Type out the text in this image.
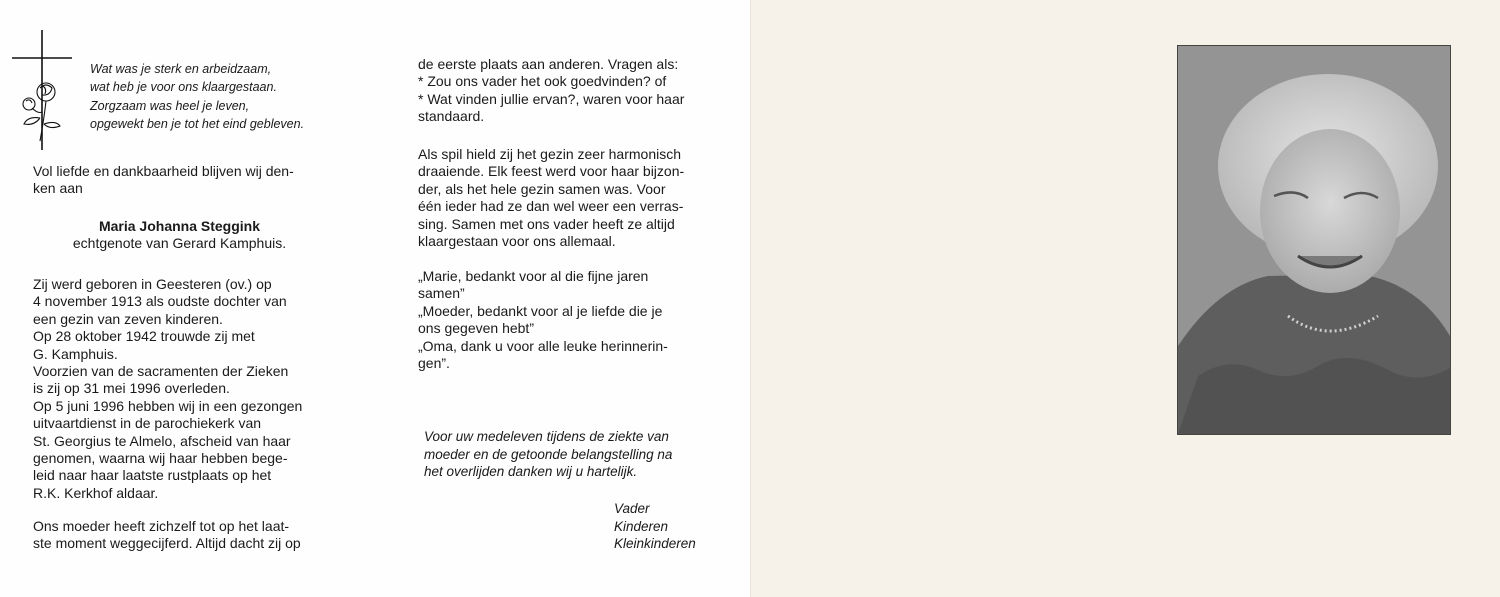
Wat was je sterk en arbeidzaam,
wat heb je voor ons klaargestaan.
Zorgzaam was heel je leven,
opgewekt ben je tot het eind gebleven.
Vol liefde en dankbaarheid blijven wij den-
ken aan
Maria Johanna Steggink
echtgenote van Gerard Kamphuis.
Zij werd geboren in Geesteren (ov.) op
4 november 1913 als oudste dochter van
een gezin van zeven kinderen.
Op 28 oktober 1942 trouwde zij met
G. Kamphuis.
Voorzien van de sacramenten der Zieken
is zij op 31 mei 1996 overleden.
Op 5 juni 1996 hebben wij in een gezongen
uitvaartdienst in de parochiekerk van
St. Georgius te Almelo, afscheid van haar
genomen, waarna wij haar hebben bege-
leid naar haar laatste rustplaats op het
R.K. Kerkhof aldaar.
Ons moeder heeft zichzelf tot op het laat-
ste moment weggecijferd. Altijd dacht zij op
de eerste plaats aan anderen. Vragen als:
* Zou ons vader het ook goedvinden? of
* Wat vinden jullie ervan?, waren voor haar
standaard.
Als spil hield zij het gezin zeer harmonisch
draaiende. Elk feest werd voor haar bijzon-
der, als het hele gezin samen was. Voor
één ieder had ze dan wel weer een verras-
sing. Samen met ons vader heeft ze altijd
klaargestaan voor ons allemaal.
„Marie, bedankt voor al die fijne jaren
samen”
„Moeder, bedankt voor al je liefde die je
ons gegeven hebt”
„Oma, dank u voor alle leuke herinnerin-
gen”.
Voor uw medeleven tijdens de ziekte van
moeder en de getoonde belangstelling na
het overlijden danken wij u hartelijk.
Vader
Kinderen
Kleinkinderen
